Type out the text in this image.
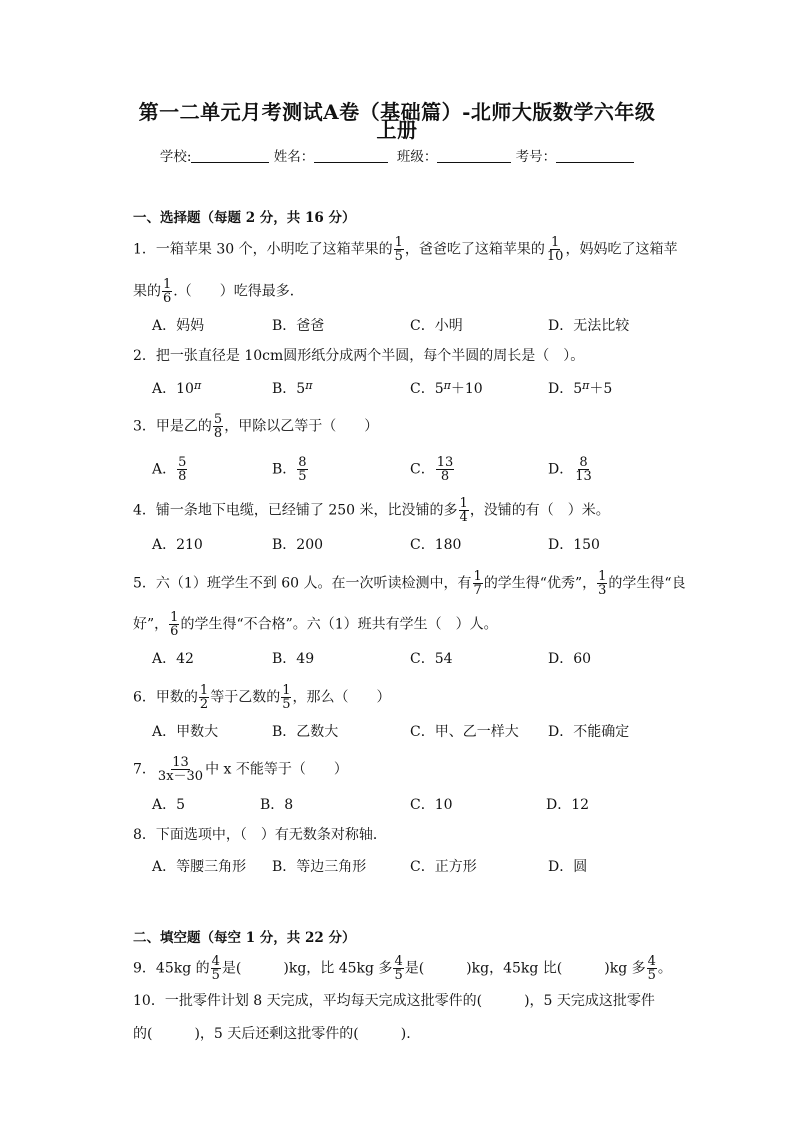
第一二单元月考测试A卷（基础篇）-北师大版数学六年级
上册
学校:	姓名：	班级：	考号：
一、选择题（每题 2 分，共 16 分）
1．一箱苹果 30 个，小明吃了这箱苹果的 $\frac{1}{5}$ ，爸爸吃了这箱苹果的 $\frac{1}{10}$ ，妈妈吃了这箱苹
果的 $\frac{1}{6}$ .（　　）吃得最多．
A．妈妈	B．爸爸	C．小明	D．无法比较
2．把一张直径是 10cm圆形纸分成两个半圆，每个半圆的周长是（　）。
A．$10^\pi$	B．$5^\pi$	C．$5^\pi+10$	D．$5^\pi+5$
3．甲是乙的 $\frac{5}{8}$ ，甲除以乙等于（　　）
A． $\frac{5}{8}$	B． $\frac{8}{5}$	C． $\frac{13}{8}$	D． $\frac{8}{13}$
4．铺一条地下电缆，已经铺了 250 米，比没铺的多 $\frac{1}{4}$ ，没铺的有（　）米。
A．210	B．200	C．180	D．150
5．六（1）班学生不到 60 人。在一次听读检测中，有 $\frac{1}{7}$ 的学生得“优秀”， $\frac{1}{3}$ 的学生得“良
好”， $\frac{1}{6}$ 的学生得“不合格”。六（1）班共有学生（　）人。
A．42	B．49	C．54	D．60
6．甲数的 $\frac{1}{2}$ 等于乙数的 $\frac{1}{5}$ ，那么（　　）
A．甲数大	B．乙数大	C．甲、乙一样大 D．不能确定
7． $\frac{13}{3x-30}$ 中 x 不能等于（　　）
A．5	B．8	C．10	D．12
8．下面选项中，（　）有无数条对称轴．
A．等腰三角形 B．等边三角形	C．正方形	D．圆
二、填空题（每空 1 分，共 22 分）
9．45kg 的 $\frac{4}{5}$ 是(　　　)kg，比 45kg 多 $\frac{4}{5}$ 是(　　　)kg，45kg 比(　　　)kg 多 $\frac{4}{5}$ 。
10．一批零件计划 8 天完成，平均每天完成这批零件的(　　　)，5 天完成这批零件
的(　　　)，5 天后还剩这批零件的(　　　).
